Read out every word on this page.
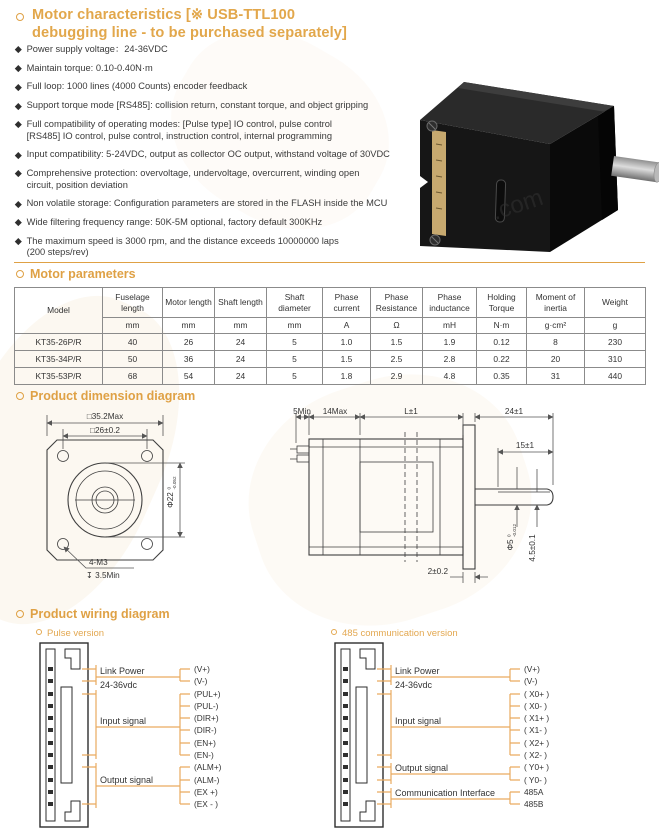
Motor characteristics [※ USB-TTL100
debugging line - to be purchased separately]
Power supply voltage：24-36VDC
Maintain torque: 0.10-0.40N·m
Full loop: 1000 lines (4000 Counts) encoder feedback
Support torque mode [RS485]: collision return, constant torque, and object gripping
Full compatibility of operating modes: [Pulse type] IO control, pulse control
[RS485] IO control, pulse control, instruction control, internal programming
Input compatibility: 5-24VDC, output as collector OC output, withstand voltage of 30VDC
Comprehensive protection: overvoltage, undervoltage, overcurrent, winding open
circuit, position deviation
Non volatile storage: Configuration parameters are stored in the FLASH inside the MCU
Wide filtering frequency range: 50K-5M optional, factory default 300KHz
The maximum speed is 3000 rpm, and the distance exceeds 10000000 laps
(200 steps/rev)
.com
Motor parameters
Model	Fuselage length	Motor length	Shaft length	Shaft diameter	Phase current	Phase Resistance	Phase inductance	Holding Torque	Moment of inertia	Weight
	mm	mm	mm	mm	A	Ω	mH	N·m	g·cm²	g
KT35-26P/R	40	26	24	5	1.0	1.5	1.9	0.12	8	230
KT35-34P/R	50	36	24	5	1.5	2.5	2.8	0.22	20	310
KT35-53P/R	68	54	24	5	1.8	2.9	4.8	0.35	31	440
Product dimension diagram
□35.2Max
□26±0.2
Φ22
0 -0.052
4-M3
↧ 3.5Min
5Min 14Max	L±1	24±1
15±1
Φ5
0 -0.012
4.5±0.1
2±0.2
Product wiring diagram
Pulse version	485 communication version
Link Power
24-36vdc
Input signal
Output signal
(V+)
(V-)
(PUL+)
(PUL-)
(DIR+)
(DIR-)
(EN+)
(EN-)
(ALM+)
(ALM-)
(EX +)
(EX - )
Link Power
24-36vdc
Input signal
Output signal
Communication Interface
(V+)
(V-)
( X0+ )
( X0- )
( X1+ )
( X1- )
( X2+ )
( X2- )
( Y0+ )
( Y0- )
485A
485B
